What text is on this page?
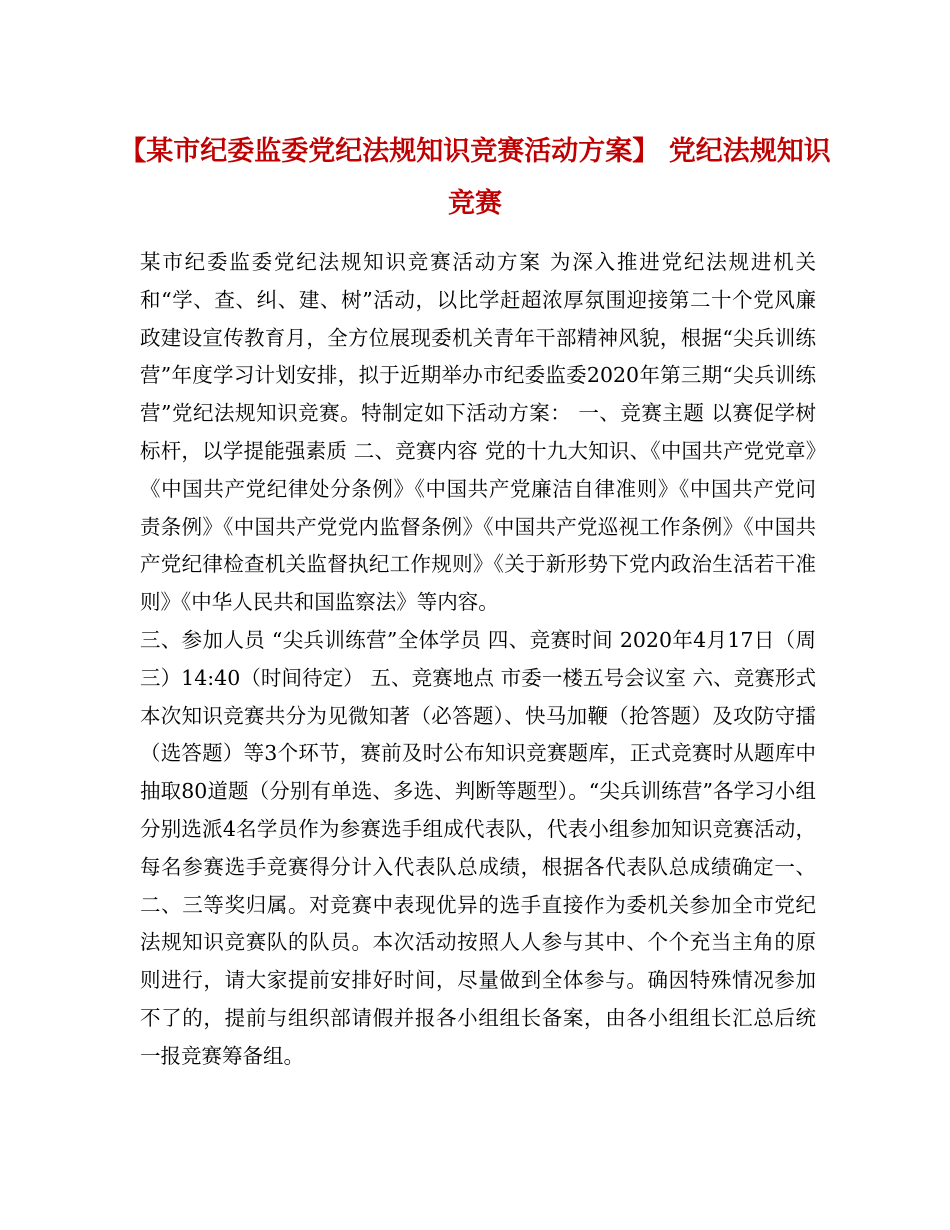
【某市纪委监委党纪法规知识竞赛活动方案】 党纪法规知识竞赛

某市纪委监委党纪法规知识竞赛活动方案 为深入推进党纪法规进机关和“学、查、纠、建、树”活动，以比学赶超浓厚氛围迎接第二十个党风廉政建设宣传教育月，全方位展现委机关青年干部精神风貌，根据“尖兵训练营”年度学习计划安排，拟于近期举办市纪委监委2020年第三期“尖兵训练营”党纪法规知识竞赛。特制定如下活动方案： 一、竞赛主题 以赛促学树标杆，以学提能强素质 二、竞赛内容 党的十九大知识、《中国共产党党章》《中国共产党纪律处分条例》《中国共产党廉洁自律准则》《中国共产党问责条例》《中国共产党党内监督条例》《中国共产党巡视工作条例》《中国共产党纪律检查机关监督执纪工作规则》《关于新形势下党内政治生活若干准则》《中华人民共和国监察法》等内容。

三、参加人员 “尖兵训练营”全体学员 四、竞赛时间 2020年4月17日（周三）14:40（时间待定） 五、竞赛地点 市委一楼五号会议室 六、竞赛形式 本次知识竞赛共分为见微知著（必答题）、快马加鞭（抢答题）及攻防守擂（选答题）等3个环节，赛前及时公布知识竞赛题库，正式竞赛时从题库中抽取80道题（分别有单选、多选、判断等题型）。“尖兵训练营”各学习小组分别选派4名学员作为参赛选手组成代表队，代表小组参加知识竞赛活动，每名参赛选手竞赛得分计入代表队总成绩，根据各代表队总成绩确定一、二、三等奖归属。对竞赛中表现优异的选手直接作为委机关参加全市党纪法规知识竞赛队的队员。本次活动按照人人参与其中、个个充当主角的原则进行，请大家提前安排好时间，尽量做到全体参与。确因特殊情况参加不了的，提前与组织部请假并报各小组组长备案，由各小组组长汇总后统一报竞赛筹备组。
